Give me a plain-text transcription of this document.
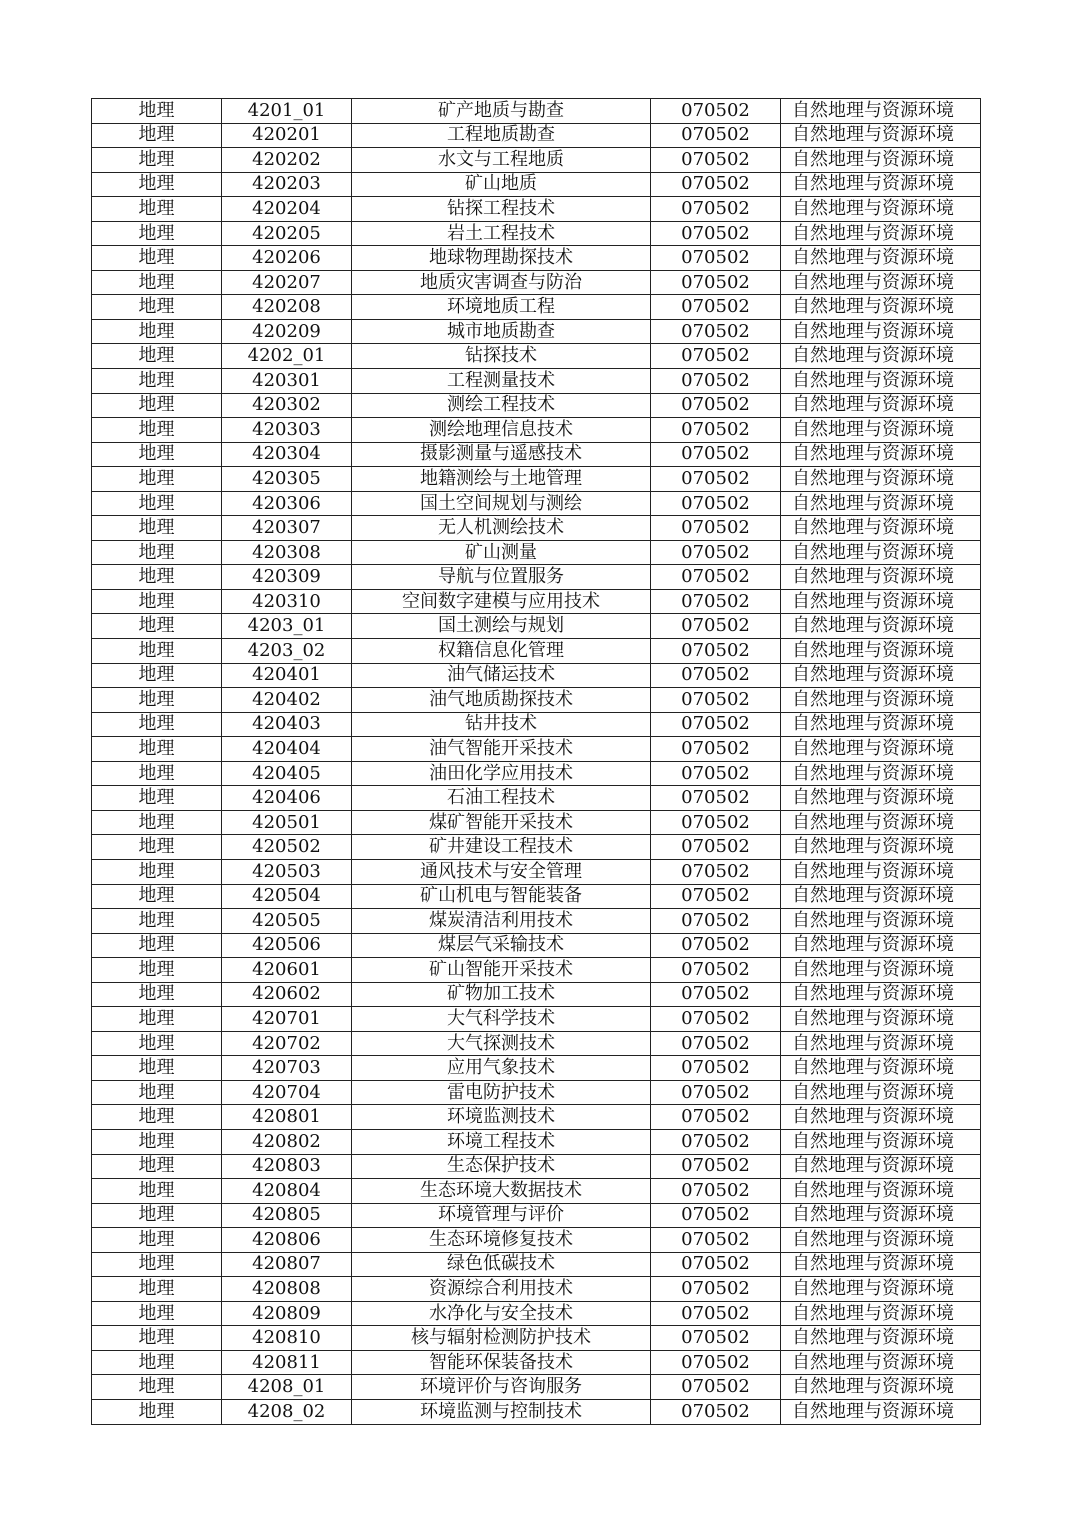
地理	4201_01	矿产地质与勘查	070502	自然地理与资源环境
地理	420201	工程地质勘查	070502	自然地理与资源环境
地理	420202	水文与工程地质	070502	自然地理与资源环境
地理	420203	矿山地质	070502	自然地理与资源环境
地理	420204	钻探工程技术	070502	自然地理与资源环境
地理	420205	岩土工程技术	070502	自然地理与资源环境
地理	420206	地球物理勘探技术	070502	自然地理与资源环境
地理	420207	地质灾害调查与防治	070502	自然地理与资源环境
地理	420208	环境地质工程	070502	自然地理与资源环境
地理	420209	城市地质勘查	070502	自然地理与资源环境
地理	4202_01	钻探技术	070502	自然地理与资源环境
地理	420301	工程测量技术	070502	自然地理与资源环境
地理	420302	测绘工程技术	070502	自然地理与资源环境
地理	420303	测绘地理信息技术	070502	自然地理与资源环境
地理	420304	摄影测量与遥感技术	070502	自然地理与资源环境
地理	420305	地籍测绘与土地管理	070502	自然地理与资源环境
地理	420306	国土空间规划与测绘	070502	自然地理与资源环境
地理	420307	无人机测绘技术	070502	自然地理与资源环境
地理	420308	矿山测量	070502	自然地理与资源环境
地理	420309	导航与位置服务	070502	自然地理与资源环境
地理	420310	空间数字建模与应用技术	070502	自然地理与资源环境
地理	4203_01	国土测绘与规划	070502	自然地理与资源环境
地理	4203_02	权籍信息化管理	070502	自然地理与资源环境
地理	420401	油气储运技术	070502	自然地理与资源环境
地理	420402	油气地质勘探技术	070502	自然地理与资源环境
地理	420403	钻井技术	070502	自然地理与资源环境
地理	420404	油气智能开采技术	070502	自然地理与资源环境
地理	420405	油田化学应用技术	070502	自然地理与资源环境
地理	420406	石油工程技术	070502	自然地理与资源环境
地理	420501	煤矿智能开采技术	070502	自然地理与资源环境
地理	420502	矿井建设工程技术	070502	自然地理与资源环境
地理	420503	通风技术与安全管理	070502	自然地理与资源环境
地理	420504	矿山机电与智能装备	070502	自然地理与资源环境
地理	420505	煤炭清洁利用技术	070502	自然地理与资源环境
地理	420506	煤层气采输技术	070502	自然地理与资源环境
地理	420601	矿山智能开采技术	070502	自然地理与资源环境
地理	420602	矿物加工技术	070502	自然地理与资源环境
地理	420701	大气科学技术	070502	自然地理与资源环境
地理	420702	大气探测技术	070502	自然地理与资源环境
地理	420703	应用气象技术	070502	自然地理与资源环境
地理	420704	雷电防护技术	070502	自然地理与资源环境
地理	420801	环境监测技术	070502	自然地理与资源环境
地理	420802	环境工程技术	070502	自然地理与资源环境
地理	420803	生态保护技术	070502	自然地理与资源环境
地理	420804	生态环境大数据技术	070502	自然地理与资源环境
地理	420805	环境管理与评价	070502	自然地理与资源环境
地理	420806	生态环境修复技术	070502	自然地理与资源环境
地理	420807	绿色低碳技术	070502	自然地理与资源环境
地理	420808	资源综合利用技术	070502	自然地理与资源环境
地理	420809	水净化与安全技术	070502	自然地理与资源环境
地理	420810	核与辐射检测防护技术	070502	自然地理与资源环境
地理	420811	智能环保装备技术	070502	自然地理与资源环境
地理	4208_01	环境评价与咨询服务	070502	自然地理与资源环境
地理	4208_02	环境监测与控制技术	070502	自然地理与资源环境
